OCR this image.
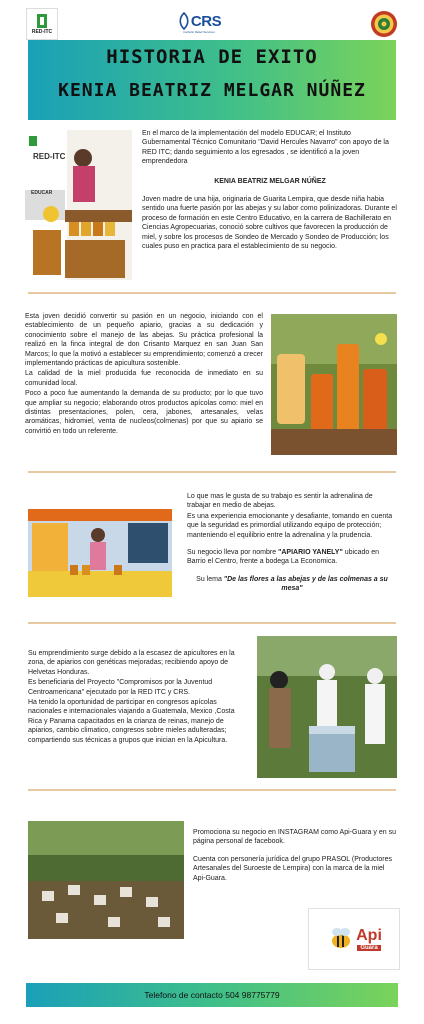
RED-ITC
CRS
Catholic Relief Services
HISTORIA DE EXITO
KENIA BEATRIZ MELGAR NÚÑEZ
RED-ITC
EDUCAR

En el marco de la implementación del modelo EDUCAR; el Instituto Gubernamental Técnico Comunitario "David Hercules Navarro" con apoyo de la RED ITC; dando seguimiento a los egresados , se identificó a la joven emprendedora

KENIA BEATRIZ MELGAR NÚÑEZ

Joven madre de una hija, originaria de Guarita Lempira, que desde niña habia sentido una fuerte pasión por las abejas y su labor como polinizadoras. Durante el proceso de formación en este Centro Educativo, en la carrera de Bachillerato en Ciencias Agropecuarias, conoció sobre cultivos que favorecen la producción de miel, y sobre los procesos de Sondeo de Mercado y Sondeo de Producción; los cuales puso en practica para el establecimiento de su negocio.

Esta joven decidió convertir su pasión en un negocio, iniciando con el establecimiento de un pequeño apiario, gracias a su dedicación y conocimiento sobre el manejo de las abejas. Su práctica profesional la realizó en la finca integral de don Crisanto Marquez en san Juan San Marcos; lo que la motivó a establecer su emprendimiento; comenzó a crecer implementando prácticas de apicultura sostenible.

La calidad de la miel producida fue reconocida de inmediato en su comunidad local.

Poco a poco fue aumentando la demanda de su producto; por lo que tuvo que ampliar su negocio; elaborando otros productos apícolas como: miel en distintas presentaciones, polen, cera, jabones, artesanales, velas aromáticas, hidromiel, venta de nucleos(colmenas) por que su apiario se convirtió en todo un referente.

Lo que mas le gusta de su trabajo es sentir la adrenalina de trabajar en medio de abejas.

Es una experiencia emocionante y desafiante, tomando en cuenta que la seguridad es primordial utilizando equipo de protección; manteniendo el equilibrio entre la adrenalina y la prudencia.

Su negocio lleva por nombre "APIARIO YANELY" ubicado en Barrio el Centro, frente a bodega La Economica.

Su lema "De las flores a las abejas y de las colmenas a su mesa"

Su emprendimiento surge debido a la escasez de apicultores en la zona, de apiarios con genéticas mejoradas; recibiendo apoyo de Helvetas Honduras.

Es beneficiaria del Proyecto "Compromisos por la Juventud Centroamericana" ejecutado por la RED ITC y CRS.

Ha tenido la oportunidad de participar en congresos apícolas nacionales e internacionales viajando a Guatemala, Mexico ,Costa Rica y Panama capacitados en la crianza de reinas, manejo de apiarios, cambio climatico, congresos sobre mieles adulteradas; compartiendo sus técnicas a grupos que inician en la Apicultura.

Promociona su negocio en INSTAGRAM como Api-Guara y en su página personal de facebook.

Cuenta con personería jurídica del grupo PRASOL (Productores Artesanales del Suroeste de Lempira) con la marca de la miel Api-Guara.

Api
Guara
Telefono de contacto 504 98775779
